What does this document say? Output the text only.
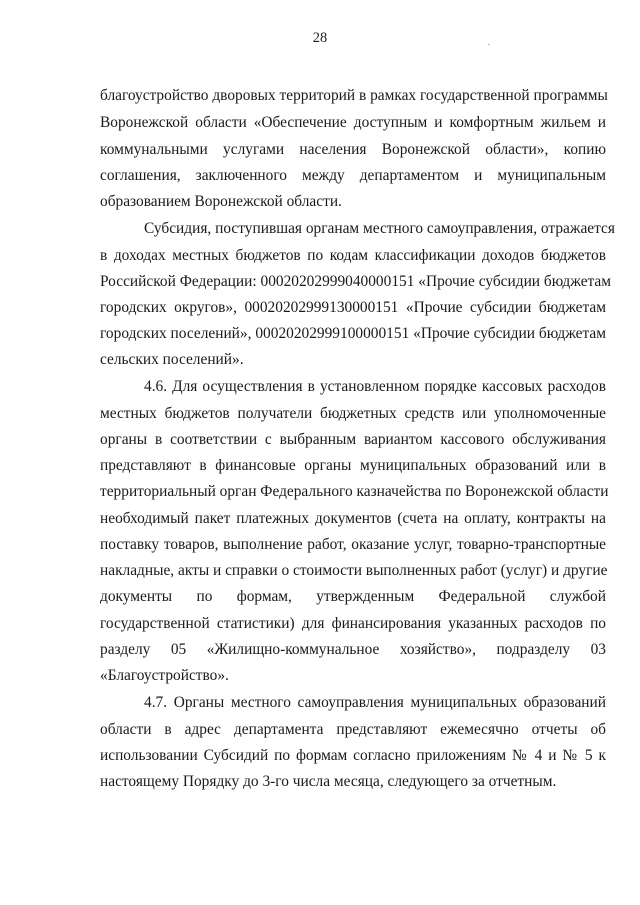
28
благоустройство дворовых территорий в рамках государственной программы
Воронежской области «Обеспечение доступным и комфортным жильем и
коммунальными услугами населения Воронежской области», копию
соглашения, заключенного между департаментом и муниципальным
образованием Воронежской области.
Субсидия, поступившая органам местного самоуправления, отражается
в доходах местных бюджетов по кодам классификации доходов бюджетов
Российской Федерации: 00020202999040000151 «Прочие субсидии бюджетам
городских округов», 00020202999130000151 «Прочие субсидии бюджетам
городских поселений», 00020202999100000151 «Прочие субсидии бюджетам
сельских поселений».
4.6. Для осуществления в установленном порядке кассовых расходов
местных бюджетов получатели бюджетных средств или уполномоченные
органы в соответствии с выбранным вариантом кассового обслуживания
представляют в финансовые органы муниципальных образований или в
территориальный орган Федерального казначейства по Воронежской области
необходимый пакет платежных документов (счета на оплату, контракты на
поставку товаров, выполнение работ, оказание услуг, товарно-транспортные
накладные, акты и справки о стоимости выполненных работ (услуг) и другие
документы по формам, утвержденным Федеральной службой
государственной статистики) для финансирования указанных расходов по
разделу 05 «Жилищно-коммунальное хозяйство», подразделу 03
«Благоустройство».
4.7. Органы местного самоуправления муниципальных образований
области в адрес департамента представляют ежемесячно отчеты об
использовании Субсидий по формам согласно приложениям № 4 и № 5 к
настоящему Порядку до 3-го числа месяца, следующего за отчетным.
